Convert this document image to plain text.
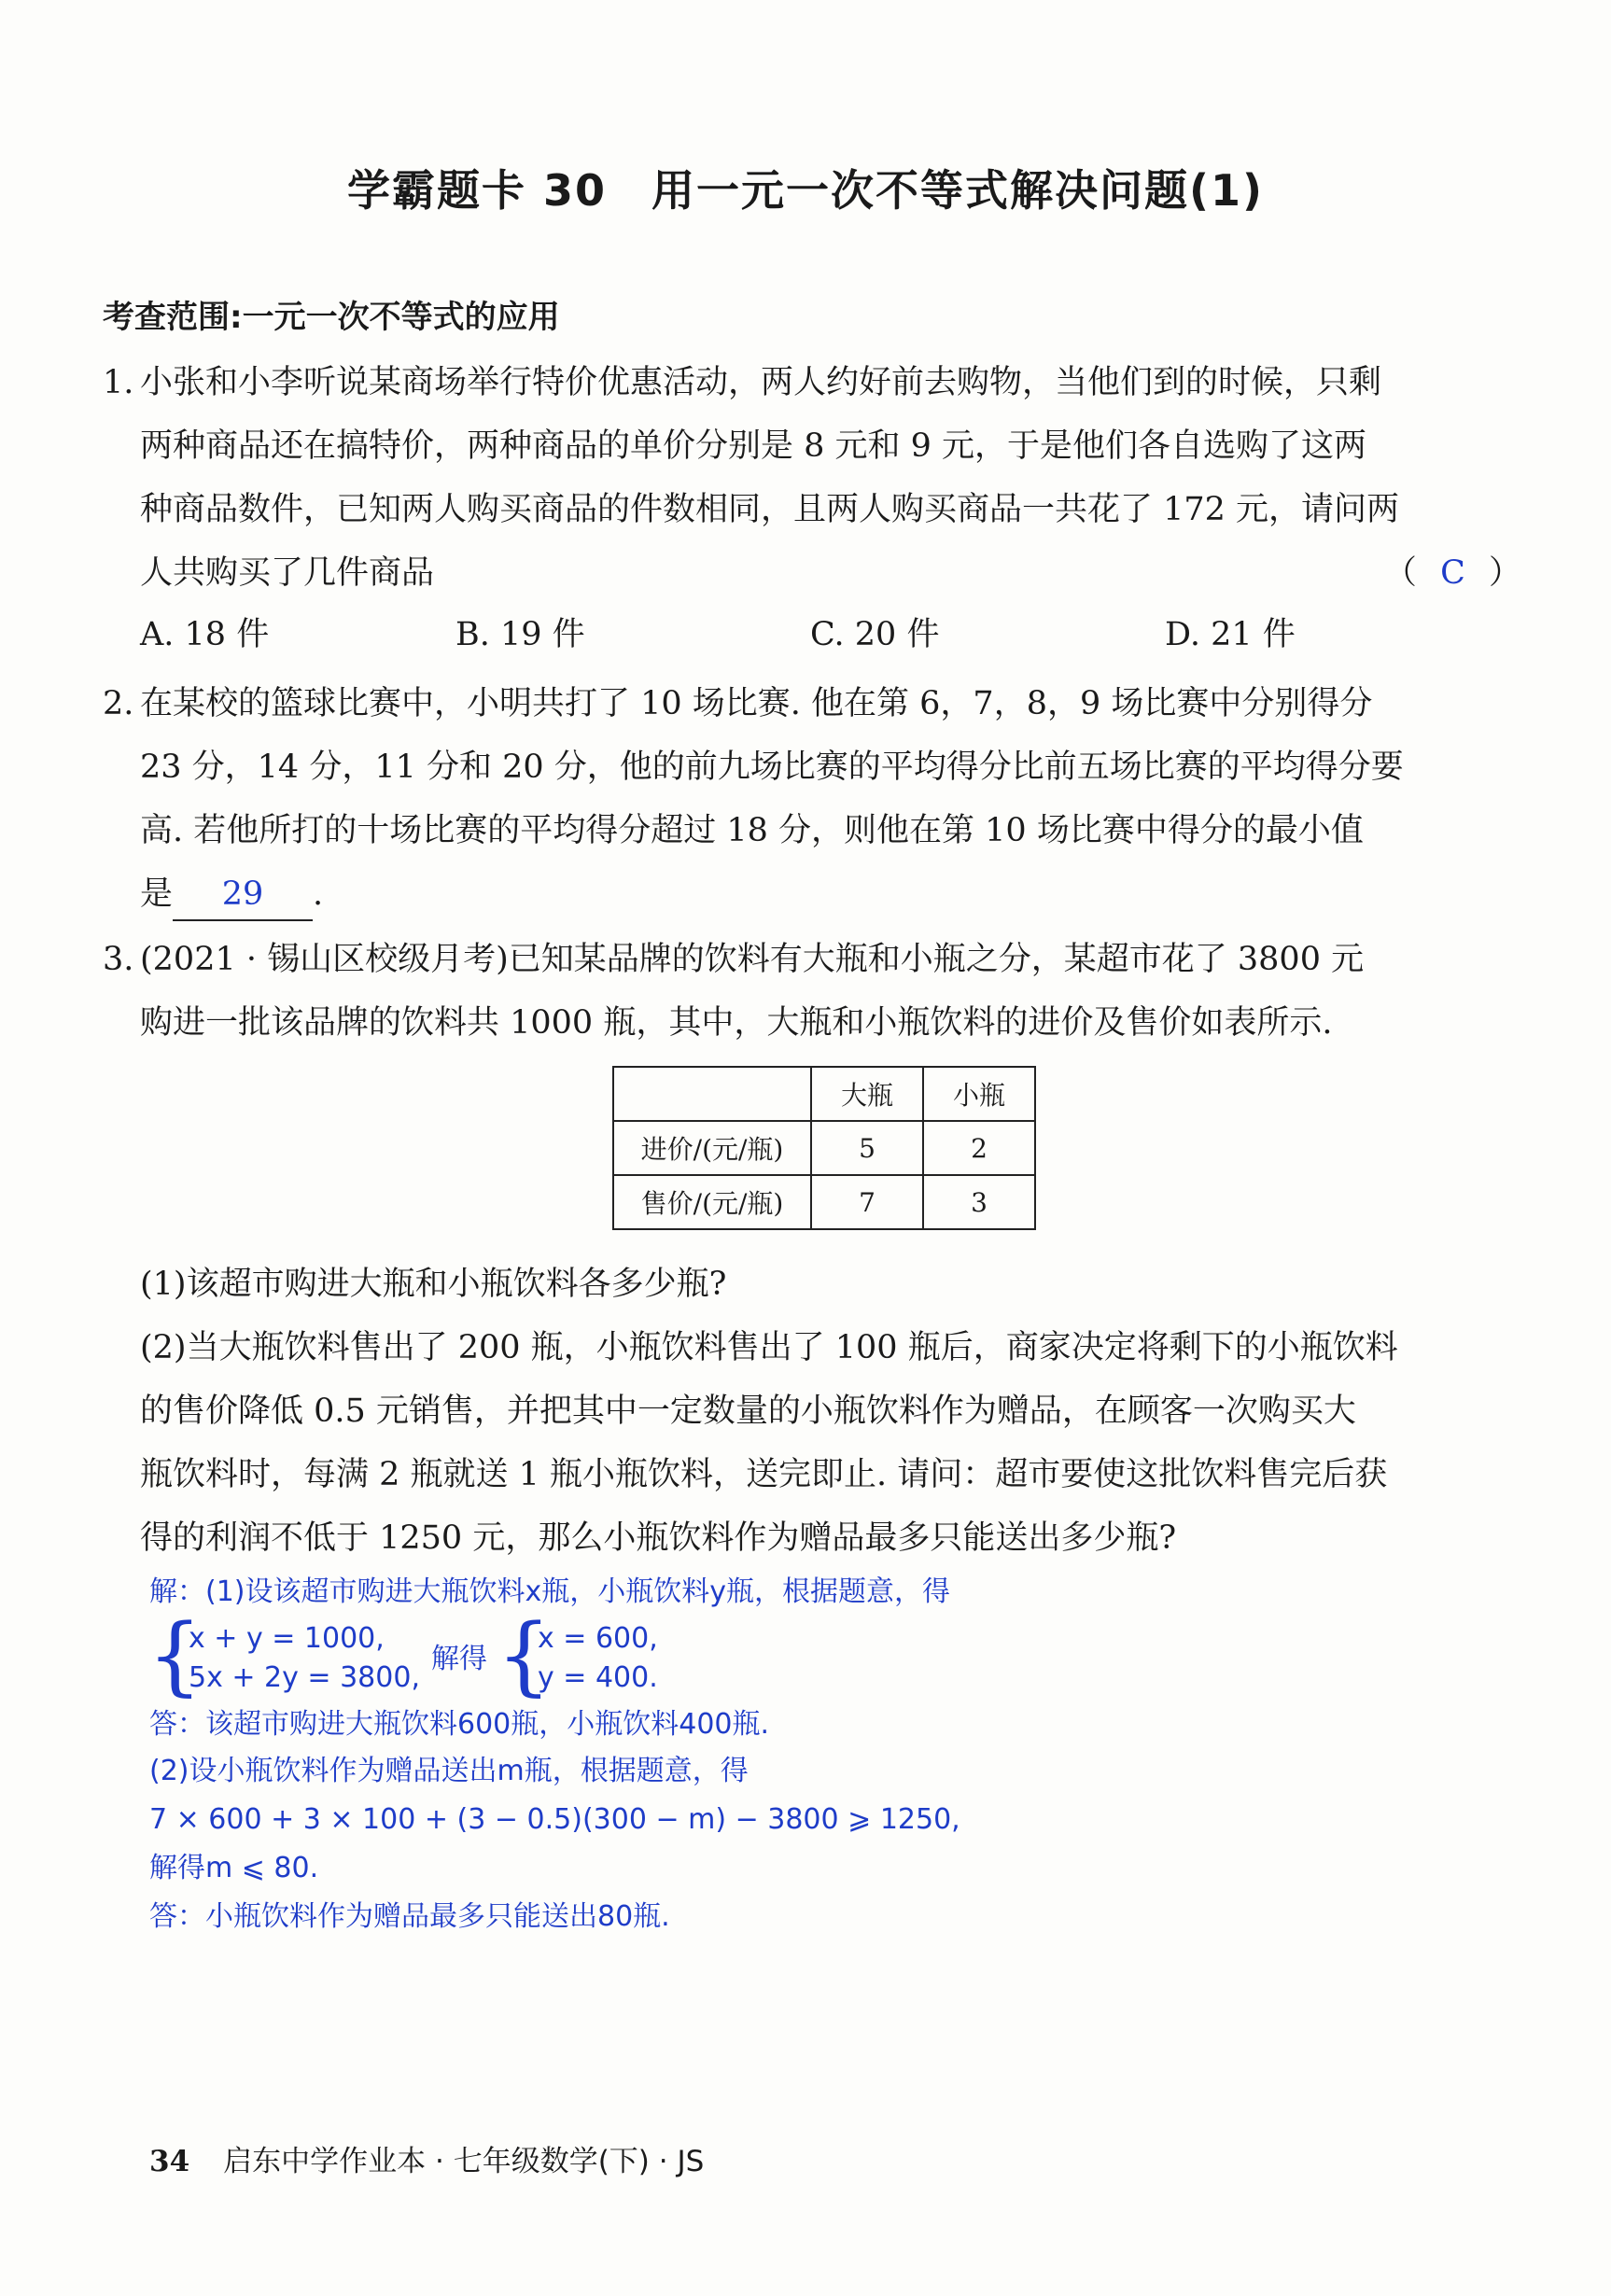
学霸题卡 30　用一元一次不等式解决问题(1)
考查范围:一元一次不等式的应用
1. 小张和小李听说某商场举行特价优惠活动，两人约好前去购物，当他们到的时候，只剩
两种商品还在搞特价，两种商品的单价分别是 8 元和 9 元，于是他们各自选购了这两
种商品数件，已知两人购买商品的件数相同，且两人购买商品一共花了 172 元，请问两
人共购买了几件商品	（ C ）
A. 18 件	B. 19 件	C. 20 件	D. 21 件
2. 在某校的篮球比赛中，小明共打了 10 场比赛. 他在第 6，7，8，9 场比赛中分别得分
23 分，14 分，11 分和 20 分，他的前九场比赛的平均得分比前五场比赛的平均得分要
高. 若他所打的十场比赛的平均得分超过 18 分，则他在第 10 场比赛中得分的最小值
是 29 .
3. (2021 · 锡山区校级月考)已知某品牌的饮料有大瓶和小瓶之分，某超市花了 3800 元
购进一批该品牌的饮料共 1000 瓶，其中，大瓶和小瓶饮料的进价及售价如表所示.
	大瓶	小瓶
进价/(元/瓶)	5	2
售价/(元/瓶)	7	3
(1)该超市购进大瓶和小瓶饮料各多少瓶?
(2)当大瓶饮料售出了 200 瓶，小瓶饮料售出了 100 瓶后，商家决定将剩下的小瓶饮料
的售价降低 0.5 元销售，并把其中一定数量的小瓶饮料作为赠品，在顾客一次购买大
瓶饮料时，每满 2 瓶就送 1 瓶小瓶饮料，送完即止. 请问：超市要使这批饮料售完后获
得的利润不低于 1250 元，那么小瓶饮料作为赠品最多只能送出多少瓶?
解：(1)设该超市购进大瓶饮料x瓶，小瓶饮料y瓶，根据题意，得
{
x + y = 1000,
5x + 2y = 3800,
解得 {
x = 600,
y = 400.
答：该超市购进大瓶饮料600瓶，小瓶饮料400瓶.
(2)设小瓶饮料作为赠品送出m瓶，根据题意，得
7 × 600 + 3 × 100 + (3 − 0.5)(300 − m) − 3800 ⩾ 1250,
解得m ⩽ 80.
答：小瓶饮料作为赠品最多只能送出80瓶.
34 启东中学作业本 · 七年级数学(下) · JS
